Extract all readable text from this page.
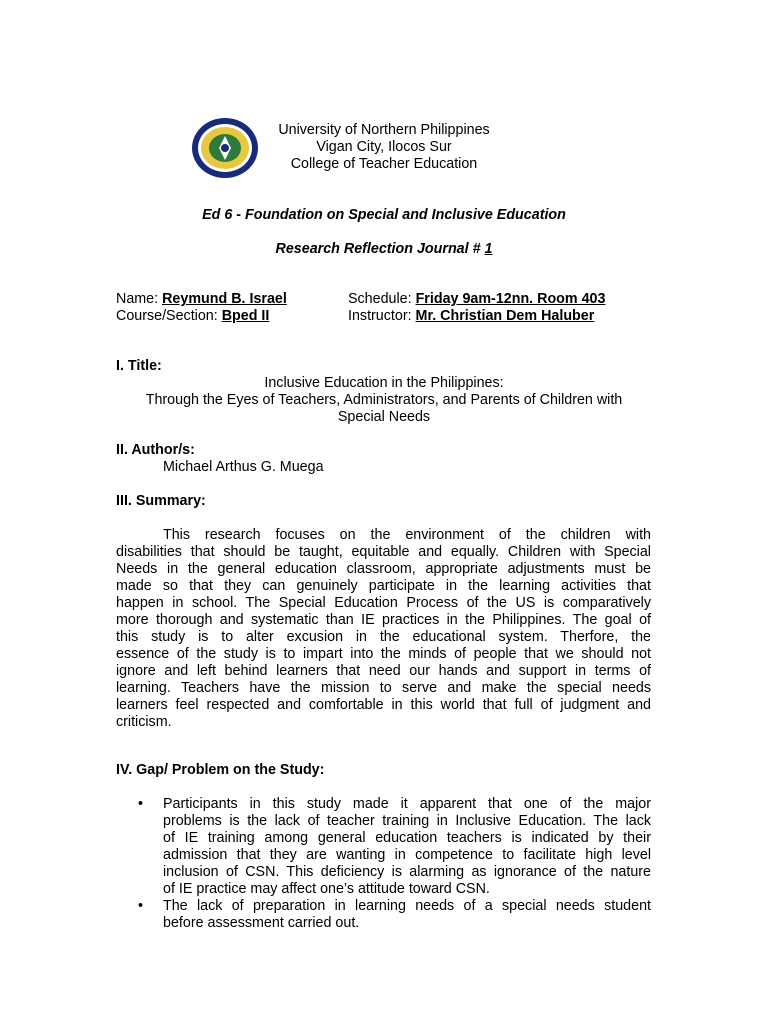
University of Northern Philippines
Vigan City, Ilocos Sur
College of Teacher Education
Ed 6 - Foundation on Special and Inclusive Education
Research Reflection Journal # 1
Name: Reymund B. Israel	Schedule: Friday 9am-12nn. Room 403
Course/Section: Bped II	Instructor: Mr. Christian Dem Haluber
I. Title:
Inclusive Education in the Philippines:
Through the Eyes of Teachers, Administrators, and Parents of Children with
Special Needs
II. Author/s:
Michael Arthus G. Muega
III. Summary:
This research focuses on the environment of the children with
disabilities that should be taught, equitable and equally. Children with Special
Needs in the general education classroom, appropriate adjustments must be
made so that they can genuinely participate in the learning activities that
happen in school. The Special Education Process of the US is comparatively
more thorough and systematic than IE practices in the Philippines. The goal of
this study is to alter excusion in the educational system. Therfore, the
essence of the study is to impart into the minds of people that we should not
ignore and left behind learners that need our hands and support in terms of
learning. Teachers have the mission to serve and make the special needs
learners feel respected and comfortable in this world that full of judgment and
criticism.
IV. Gap/ Problem on the Study:
• Participants in this study made it apparent that one of the major
problems is the lack of teacher training in Inclusive Education. The lack
of IE training among general education teachers is indicated by their
admission that they are wanting in competence to facilitate high level
inclusion of CSN. This deficiency is alarming as ignorance of the nature
of IE practice may affect one’s attitude toward CSN.
• The lack of preparation in learning needs of a special needs student
before assessment carried out.
